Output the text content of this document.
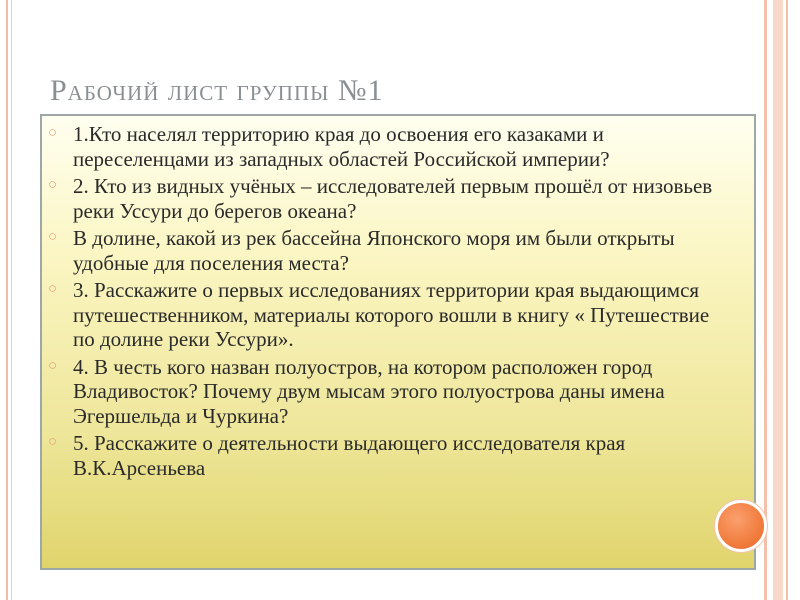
Рабочий лист группы №1
○ 1.Кто населял территорию края до освоения его казаками и переселенцами из западных областей Российской империи?
○ 2. Кто из видных учёных – исследователей первым прошёл от низовьев реки Уссури до берегов океана?
○ В долине, какой из рек бассейна Японского моря им были открыты удобные для поселения места?
○ 3. Расскажите о первых исследованиях территории края выдающимся путешественником, материалы которого вошли в книгу « Путешествие по долине реки Уссури».
○ 4. В честь кого назван полуостров, на котором расположен город Владивосток? Почему двум мысам этого полуострова даны имена Эгершельда и Чуркина?
○ 5. Расскажите о деятельности выдающего исследователя края В.К.Арсеньева
